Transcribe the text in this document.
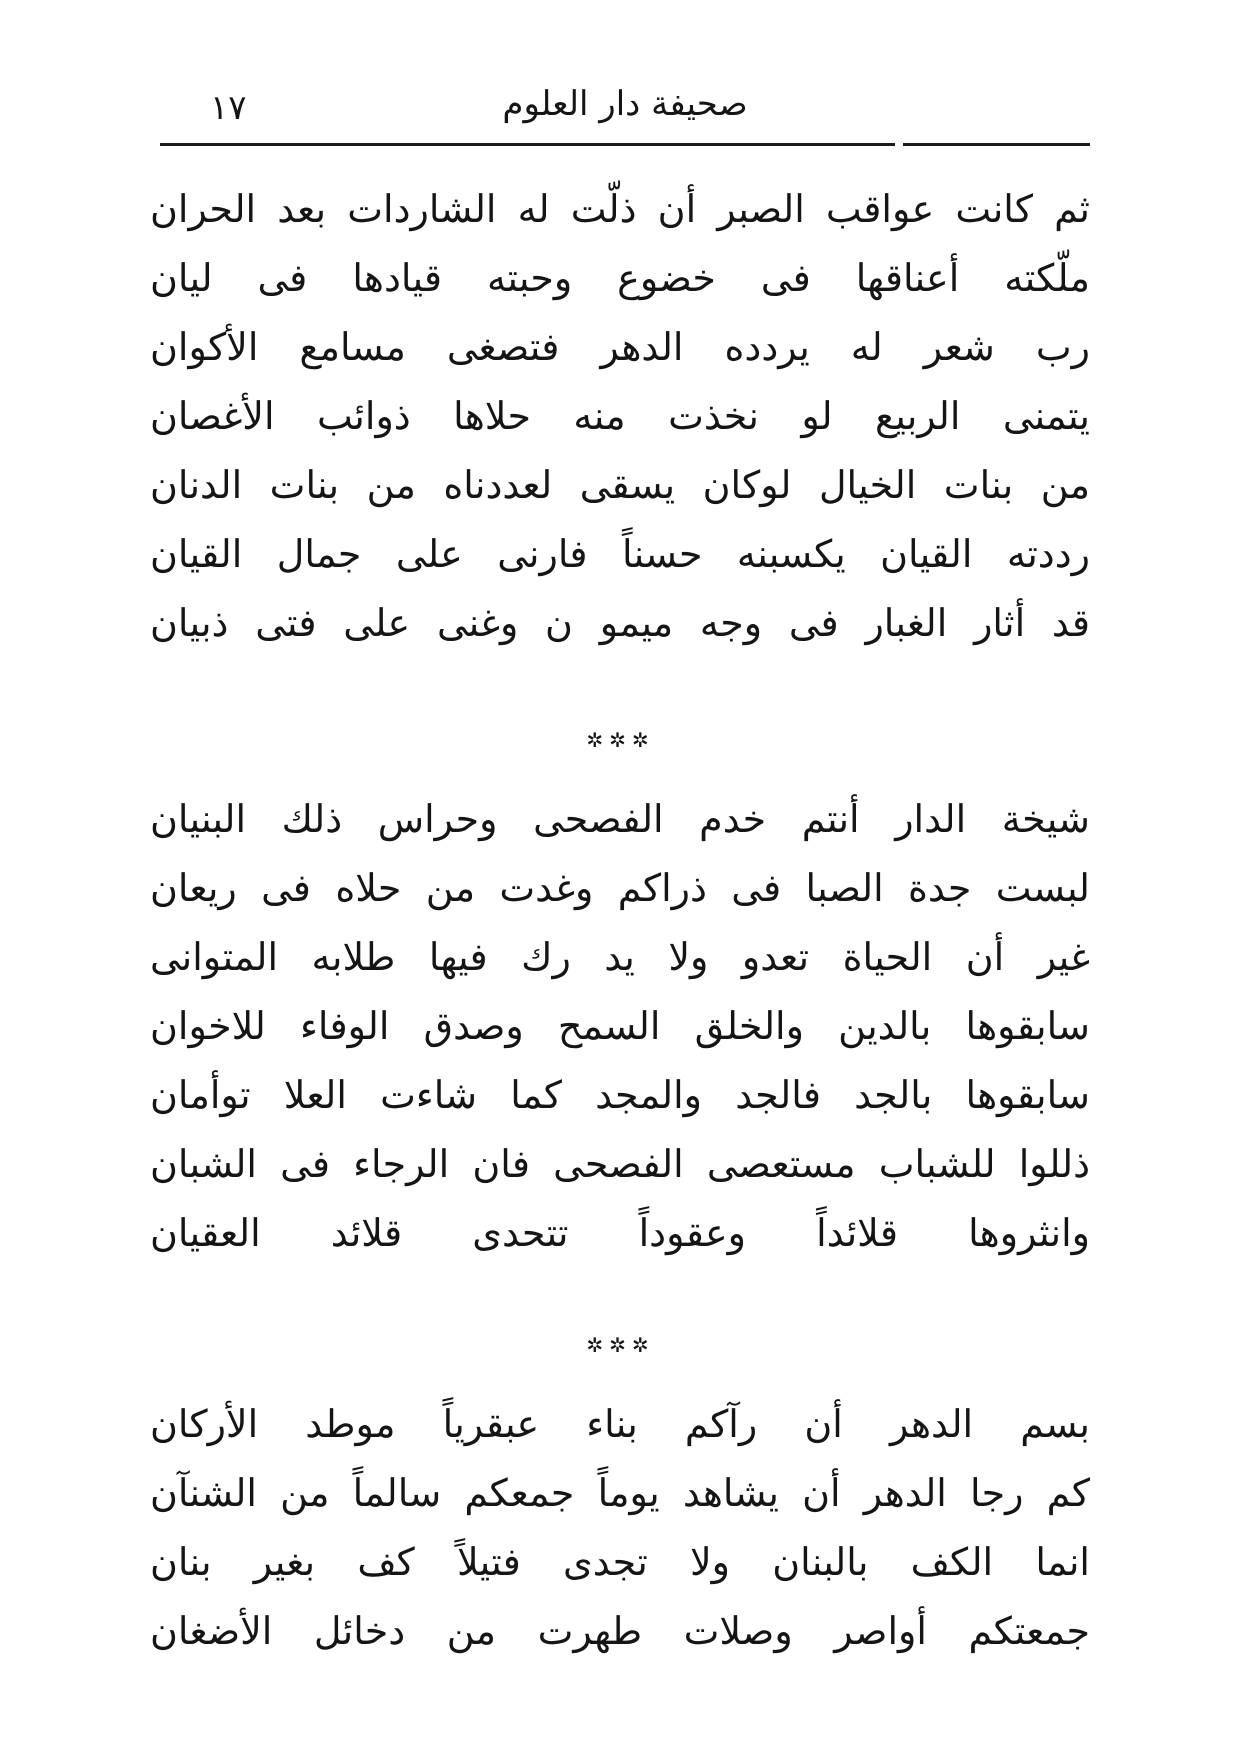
١٧	صحيفة دار العلوم
ثم كانت عواقب الصبر أن ذلّت له الشاردات بعد الحران
ملّكته أعناقها فى خضوع وحبته قيادها فى ليان
رب شعر له يردده الدهر فتصغى مسامع الأكوان
يتمنى الربيع لو نخذت منه حلاها ذوائب الأغصان
من بنات الخيال لوكان يسقى لعددناه من بنات الدنان
رددته القيان يكسبنه حسناً فارنى على جمال القيان
قد أثار الغبار فى وجه ميمو ن وغنى على فتى ذبيان
✲✲✲
شيخة الدار أنتم خدم الفصحى وحراس ذلك البنيان
لبست جدة الصبا فى ذراكم وغدت من حلاه فى ريعان
غير أن الحياة تعدو ولا يد رك فيها طلابه المتوانى
سابقوها بالدين والخلق السمح وصدق الوفاء للاخوان
سابقوها بالجد فالجد والمجد كما شاءت العلا توأمان
ذللوا للشباب مستعصى الفصحى فان الرجاء فى الشبان
وانثروها قلائداً وعقوداً تتحدى قلائد العقيان
✲✲✲
بسم الدهر أن رآكم بناء عبقرياً موطد الأركان
كم رجا الدهر أن يشاهد يوماً جمعكم سالماً من الشنآن
انما الكف بالبنان ولا تجدى فتيلاً كف بغير بنان
جمعتكم أواصر وصلات طهرت من دخائل الأضغان
